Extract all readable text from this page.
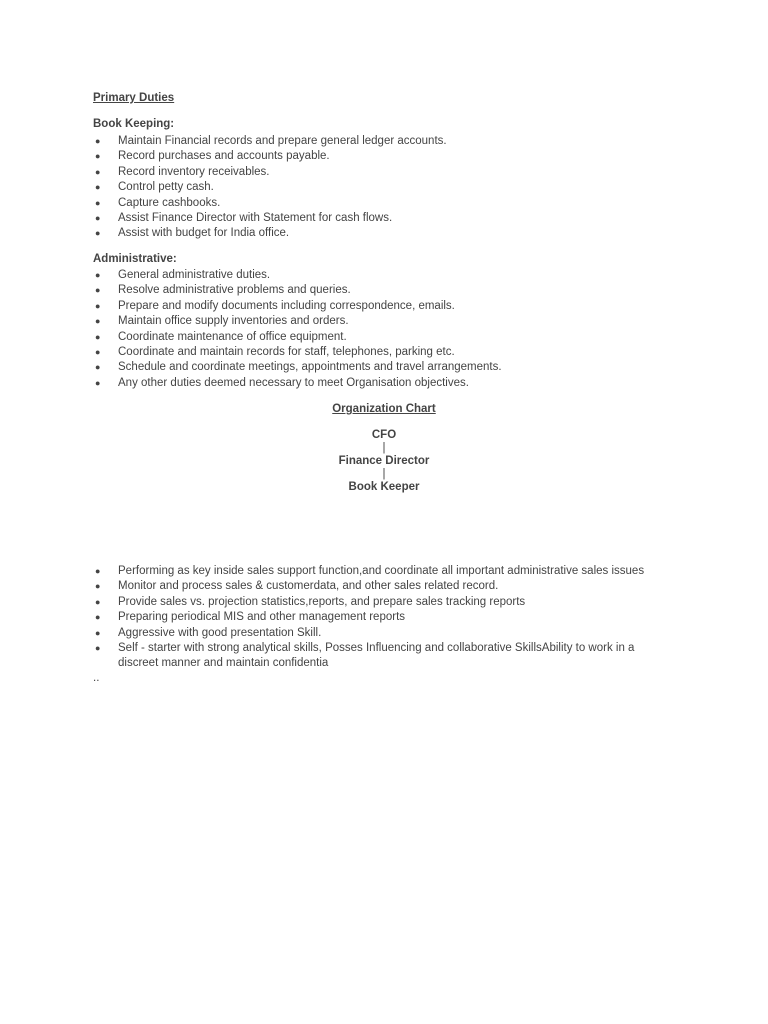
Primary Duties
Book Keeping:
● Maintain Financial records and prepare general ledger accounts.
● Record purchases and accounts payable.
● Record inventory receivables.
● Control petty cash.
● Capture cashbooks.
● Assist Finance Director with Statement for cash flows.
● Assist with budget for India office.
Administrative:
● General administrative duties.
● Resolve administrative problems and queries.
● Prepare and modify documents including correspondence, emails.
● Maintain office supply inventories and orders.
● Coordinate maintenance of office equipment.
● Coordinate and maintain records for staff, telephones, parking etc.
● Schedule and coordinate meetings, appointments and travel arrangements.
● Any other duties deemed necessary to meet Organisation objectives.
Organization Chart
CFO
|
Finance Director
|
Book Keeper
● Performing as key inside sales support function,and coordinate all important administrative sales issues
● Monitor and process sales & customerdata, and other sales related record.
● Provide sales vs. projection statistics,reports, and prepare sales tracking reports
● Preparing periodical MIS and other management reports
● Aggressive with good presentation Skill.
● Self - starter with strong analytical skills, Posses Influencing and collaborative SkillsAbility to work in a discreet manner and maintain confidentia
..
